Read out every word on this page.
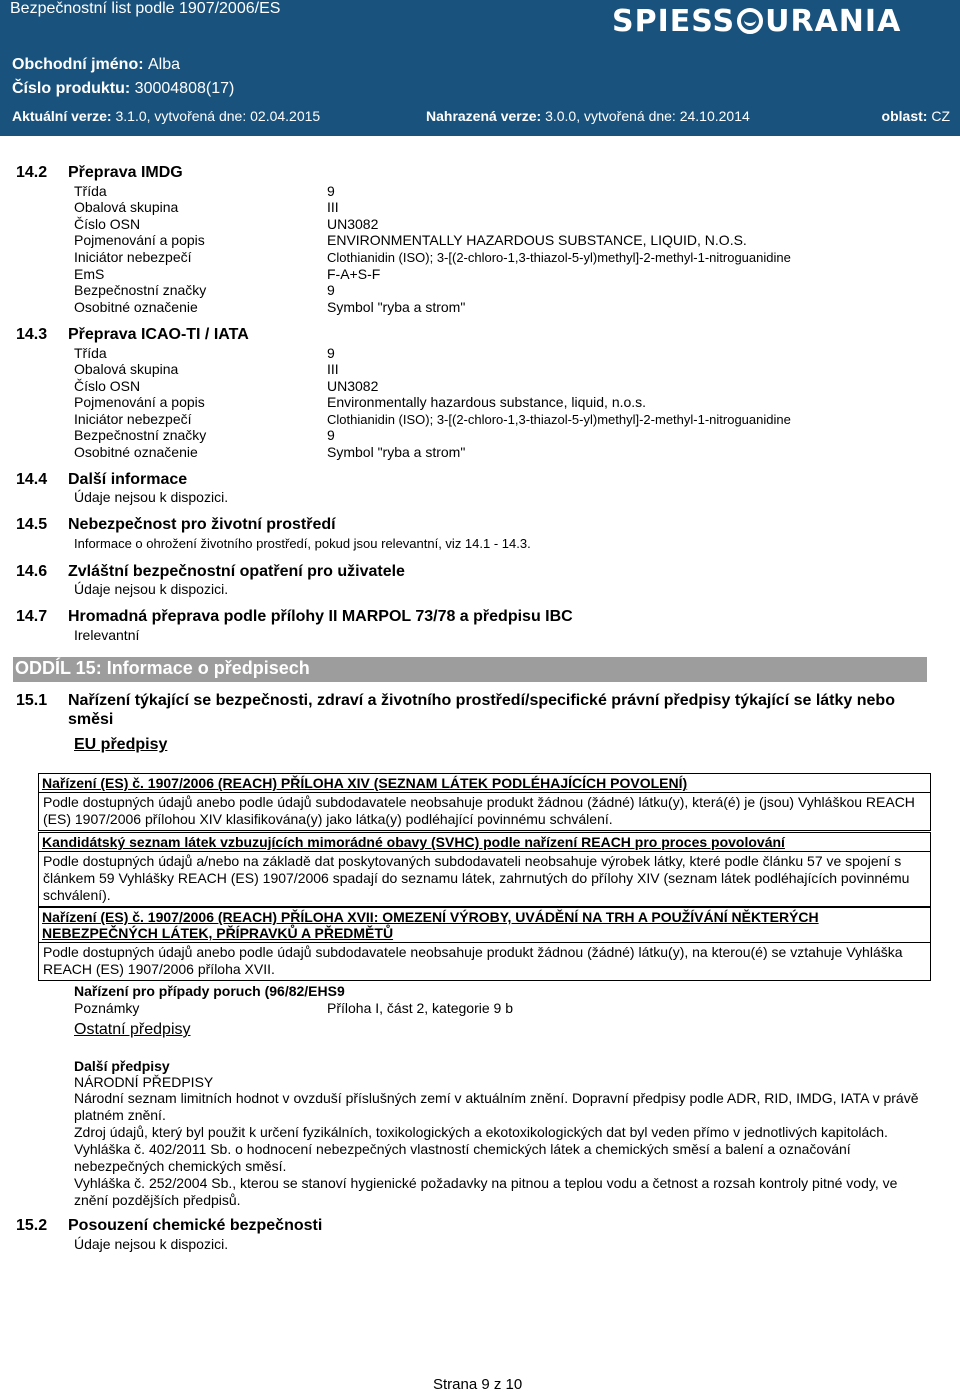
Bezpečnostní list podle 1907/2006/ES	SPIESS URANIA
Obchodní jméno: Alba
Číslo produktu: 30004808(17)
Aktuální verze: 3.1.0, vytvořená dne: 02.04.2015	Nahrazená verze: 3.0.0, vytvořená dne: 24.10.2014	oblast: CZ
14.2 Přeprava IMDG
Třída	9
Obalová skupina	III
Číslo OSN	UN3082
Pojmenování a popis	ENVIRONMENTALLY HAZARDOUS SUBSTANCE, LIQUID, N.O.S.
Iniciátor nebezpečí	Clothianidin (ISO); 3-[(2-chloro-1,3-thiazol-5-yl)methyl]-2-methyl-1-nitroguanidine
EmS	F-A+S-F
Bezpečnostní značky	9
Osobitné označenie	Symbol "ryba a strom"
14.3 Přeprava ICAO-TI / IATA
Třída	9
Obalová skupina	III
Číslo OSN	UN3082
Pojmenování a popis	Environmentally hazardous substance, liquid, n.o.s.
Iniciátor nebezpečí	Clothianidin (ISO); 3-[(2-chloro-1,3-thiazol-5-yl)methyl]-2-methyl-1-nitroguanidine
Bezpečnostní značky	9
Osobitné označenie	Symbol "ryba a strom"
14.4 Další informace
Údaje nejsou k dispozici.
14.5 Nebezpečnost pro životní prostředí
Informace o ohrožení životního prostředí, pokud jsou relevantní, viz 14.1 - 14.3.
14.6 Zvláštní bezpečnostní opatření pro uživatele
Údaje nejsou k dispozici.
14.7 Hromadná přeprava podle přílohy II MARPOL 73/78 a předpisu IBC
Irelevantní
ODDÍL 15: Informace o předpisech
15.1 Nařízení týkající se bezpečnosti, zdraví a životního prostředí/specifické právní předpisy týkající se látky nebo
směsi
EU předpisy
Nařízení (ES) č. 1907/2006 (REACH) PŘÍLOHA XIV (SEZNAM LÁTEK PODLÉHAJÍCÍCH POVOLENÍ)
Podle dostupných údajů anebo podle údajů subdodavatele neobsahuje produkt žádnou (žádné) látku(y), která(é) je (jsou) Vyhláškou REACH (ES) 1907/2006 přílohou XIV klasifikována(y) jako látka(y) podléhající povinnému schválení.
Kandidátský seznam látek vzbuzujících mimorádné obavy (SVHC) podle nařízení REACH pro proces povolování
Podle dostupných údajů a/nebo na základě dat poskytovaných subdodavateli neobsahuje výrobek látky, které podle článku 57 ve spojení s článkem 59 Vyhlášky REACH (ES) 1907/2006 spadají do seznamu látek, zahrnutých do přílohy XIV (seznam látek podléhajících povinnému schválení).
Nařízení (ES) č. 1907/2006 (REACH) PŘÍLOHA XVII: OMEZENÍ VÝROBY, UVÁDĚNÍ NA TRH A POUŽÍVÁNÍ NĚKTERÝCH NEBEZPEČNÝCH LÁTEK, PŘÍPRAVKŮ A PŘEDMĚTŮ
Podle dostupných údajů anebo podle údajů subdodavatele neobsahuje produkt žádnou (žádné) látku(y), na kterou(é) se vztahuje Vyhláška REACH (ES) 1907/2006 příloha XVII.
Nařízení pro případy poruch (96/82/EHS9
Poznámky	Příloha I, část 2, kategorie 9 b
Ostatní předpisy
Další předpisy
NÁRODNÍ PŘEDPISY
Národní seznam limitních hodnot v ovzduší příslušných zemí v aktuálním znění. Dopravní předpisy podle ADR, RID, IMDG, IATA v právě platném znění.
Zdroj údajů, který byl použit k určení fyzikálních, toxikologických a ekotoxikologických dat byl veden přímo v jednotlivých kapitolách.
Vyhláška č. 402/2011 Sb. o hodnocení nebezpečných vlastností chemických látek a chemických směsí a balení a označování nebezpečných chemických směsí.
Vyhláška č. 252/2004 Sb., kterou se stanoví hygienické požadavky na pitnou a teplou vodu a četnost a rozsah kontroly pitné vody, ve znění pozdějších předpisů.
15.2 Posouzení chemické bezpečnosti
Údaje nejsou k dispozici.
Strana 9 z 10
